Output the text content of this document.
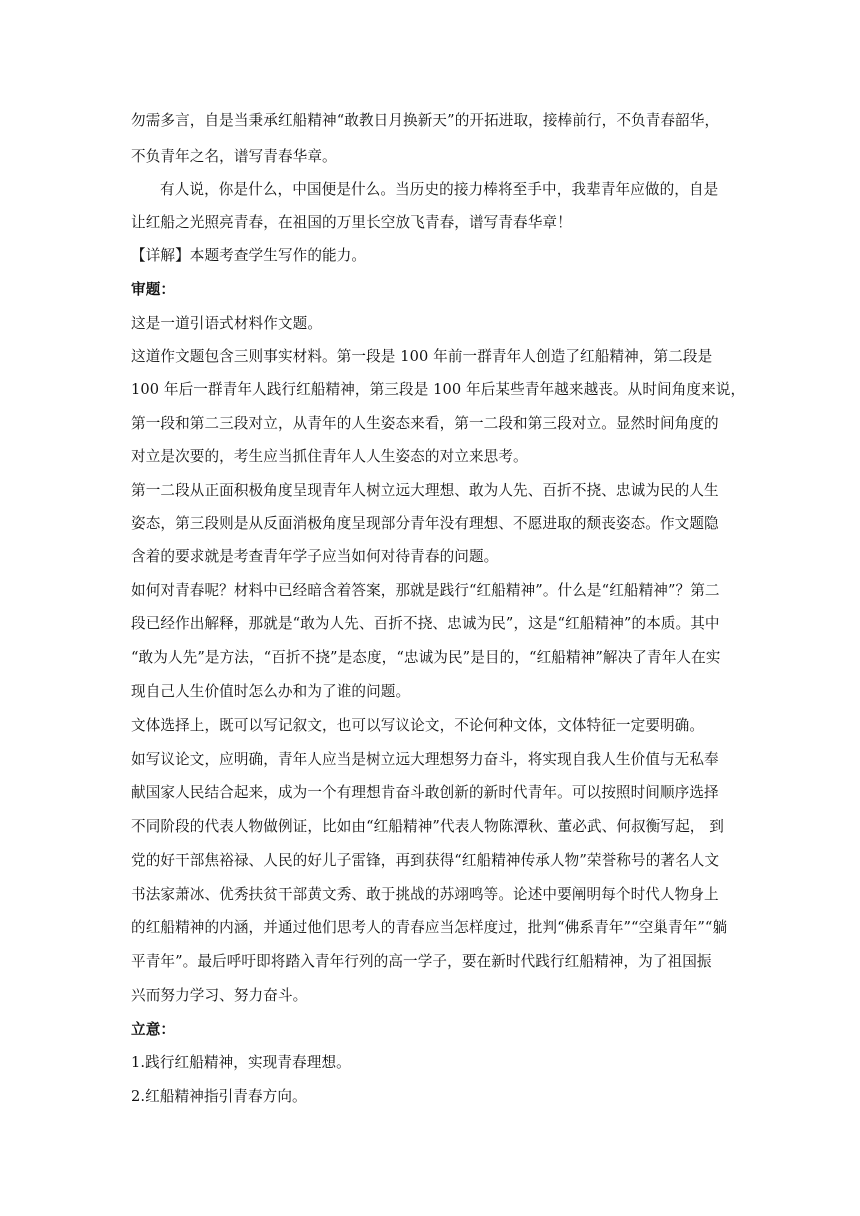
勿需多言，自是当秉承红船精神“敢教日月换新天”的开拓进取，接棒前行，不负青春韶华，
不负青年之名，谱写青春华章。
有人说，你是什么，中国便是什么。当历史的接力棒将至手中，我辈青年应做的，自是
让红船之光照亮青春，在祖国的万里长空放飞青春，谱写青春华章！
【详解】本题考查学生写作的能力。
审题：
这是一道引语式材料作文题。
这道作文题包含三则事实材料。第一段是 100 年前一群青年人创造了红船精神，第二段是
100 年后一群青年人践行红船精神，第三段是 100 年后某些青年越来越丧。从时间角度来说，
第一段和第二三段对立，从青年的人生姿态来看，第一二段和第三段对立。显然时间角度的
对立是次要的，考生应当抓住青年人人生姿态的对立来思考。
第一二段从正面积极角度呈现青年人树立远大理想、敢为人先、百折不挠、忠诚为民的人生
姿态，第三段则是从反面消极角度呈现部分青年没有理想、不愿进取的颓丧姿态。作文题隐
含着的要求就是考查青年学子应当如何对待青春的问题。
如何对青春呢？材料中已经暗含着答案，那就是践行“红船精神”。什么是“红船精神”？第二
段已经作出解释，那就是“敢为人先、百折不挠、忠诚为民”，这是“红船精神”的本质。其中
“敢为人先”是方法，“百折不挠”是态度，“忠诚为民”是目的，“红船精神”解决了青年人在实
现自己人生价值时怎么办和为了谁的问题。
文体选择上，既可以写记叙文，也可以写议论文，不论何种文体，文体特征一定要明确。
如写议论文，应明确，青年人应当是树立远大理想努力奋斗，将实现自我人生价值与无私奉
献国家人民结合起来，成为一个有理想肯奋斗敢创新的新时代青年。可以按照时间顺序选择
不同阶段的代表人物做例证，比如由“红船精神”代表人物陈潭秋、董必武、何叔衡写起， 到
党的好干部焦裕禄、人民的好儿子雷锋，再到获得“红船精神传承人物”荣誉称号的著名人文
书法家萧冰、优秀扶贫干部黄文秀、敢于挑战的苏翊鸣等。论述中要阐明每个时代人物身上
的红船精神的内涵，并通过他们思考人的青春应当怎样度过，批判“佛系青年”“空巢青年”“躺
平青年”。最后呼吁即将踏入青年行列的高一学子，要在新时代践行红船精神，为了祖国振
兴而努力学习、努力奋斗。
立意：
1.践行红船精神，实现青春理想。
2.红船精神指引青春方向。
